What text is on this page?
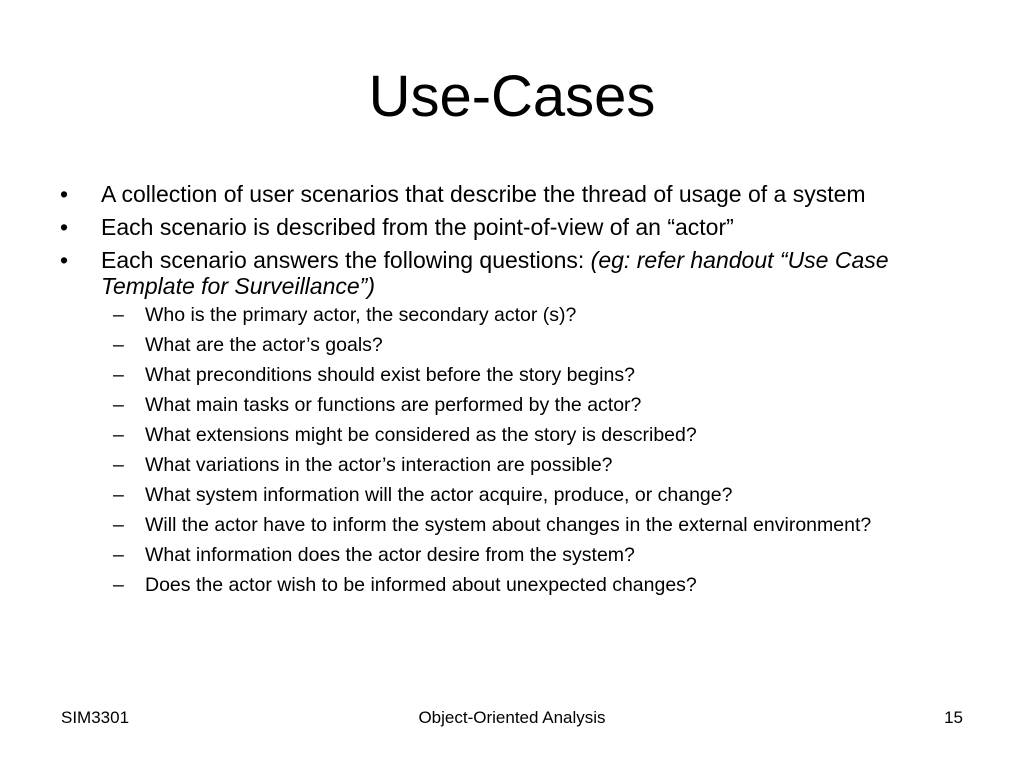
Use-Cases
•	A collection of user scenarios that describe the thread of usage of a system
•	Each scenario is described from the point-of-view of an “actor”
•	Each scenario answers the following questions: (eg: refer handout “Use Case Template for Surveillance”)
– Who is the primary actor, the secondary actor (s)?
– What are the actor’s goals?
– What preconditions should exist before the story begins?
– What main tasks or functions are performed by the actor?
– What extensions might be considered as the story is described?
– What variations in the actor’s interaction are possible?
– What system information will the actor acquire, produce, or change?
– Will the actor have to inform the system about changes in the external environment?
– What information does the actor desire from the system?
– Does the actor wish to be informed about unexpected changes?
SIM3301	Object-Oriented Analysis	15
